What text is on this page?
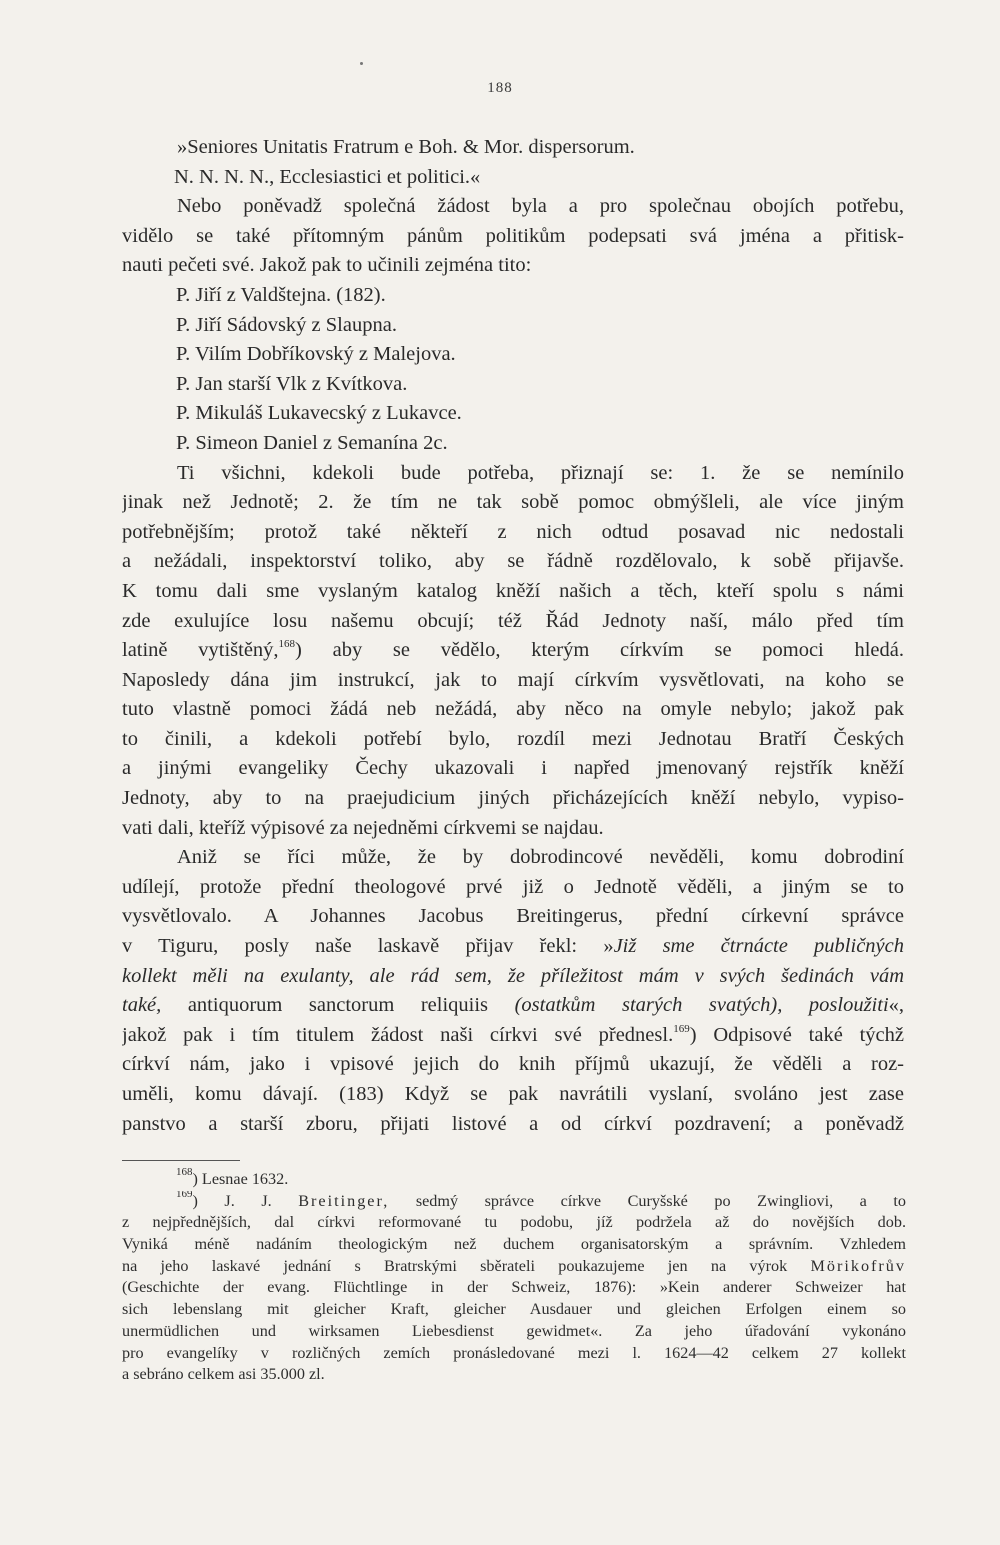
188
»Seniores Unitatis Fratrum e Boh. & Mor. dispersorum.
N. N. N. N., Ecclesiastici et politici.«
Nebo poněvadž společná žádost byla a pro společnau obojích potřebu,
vidělo se také přítomným pánům politikům podepsati svá jména a přitisk-
nauti pečeti své. Jakož pak to učinili zejména tito:
P. Jiří z Valdštejna. (182).
P. Jiří Sádovský z Slaupna.
P. Vilím Dobříkovský z Malejova.
P. Jan starší Vlk z Kvítkova.
P. Mikuláš Lukavecský z Lukavce.
P. Simeon Daniel z Semanína 2c.
Ti všichni, kdekoli bude potřeba, přiznají se: 1. že se nemínilo
jinak než Jednotě; 2. že tím ne tak sobě pomoc obmýšleli, ale více jiným
potřebnějším; protož také někteří z nich odtud posavad nic nedostali
a nežádali, inspektorství toliko, aby se řádně rozdělovalo, k sobě přijavše.
K tomu dali sme vyslaným katalog kněží našich a těch, kteří spolu s námi
zde exulujíce losu našemu obcují; též Řád Jednoty naší, málo před tím
latině vytištěný,$^{168}$) aby se vědělo, kterým církvím se pomoci hledá.
Naposledy dána jim instrukcí, jak to mají církvím vysvětlovati, na koho se
tuto vlastně pomoci žádá neb nežádá, aby něco na omyle nebylo; jakož pak
to činili, a kdekoli potřebí bylo, rozdíl mezi Jednotau Bratří Českých
a jinými evangeliky Čechy ukazovali i napřed jmenovaný rejstřík kněží
Jednoty, aby to na praejudicium jiných přicházejících kněží nebylo, vypiso-
vati dali, kteříž výpisové za nejedněmi církvemi se najdau.
Aniž se říci může, že by dobrodincové nevěděli, komu dobrodiní
udílejí, protože přední theologové prvé již o Jednotě věděli, a jiným se to
vysvětlovalo. A Johannes Jacobus Breitingerus, přední církevní správce
v Tiguru, posly naše laskavě přijav řekl: »Již sme čtrnácte publičných
kollekt měli na exulanty, ale rád sem, že příležitost mám v svých šedinách vám
také, antiquorum sanctorum reliquiis (ostatkům starých svatých), posloužiti«,
jakož pak i tím titulem žádost naši církvi své přednesl.$^{169}$) Odpisové také týchž
církví nám, jako i vpisové jejich do knih příjmů ukazují, že věděli a roz-
uměli, komu dávají. (183) Když se pak navrátili vyslaní, svoláno jest zase
panstvo a starší zboru, přijati listové a od církví pozdravení; a poněvadž
$^{168}$) Lesnae 1632.
$^{169}$) J. J. Breitinger, sedmý správce církve Curyšské po Zwingliovi, a to
z nejpřednějších, dal církvi reformované tu podobu, jíž podržela až do novějších dob.
Vyniká méně nadáním theologickým než duchem organisatorským a správním. Vzhledem
na jeho laskavé jednání s Bratrskými sběrateli poukazujeme jen na výrok Mörikofrův
(Geschichte der evang. Flüchtlinge in der Schweiz, 1876): »Kein anderer Schweizer hat
sich lebenslang mit gleicher Kraft, gleicher Ausdauer und gleichen Erfolgen einem so
unermüdlichen und wirksamen Liebesdienst gewidmet«. Za jeho úřadování vykonáno
pro evangelíky v rozličných zemích pronásledované mezi l. 1624—42 celkem 27 kollekt
a sebráno celkem asi 35.000 zl.
